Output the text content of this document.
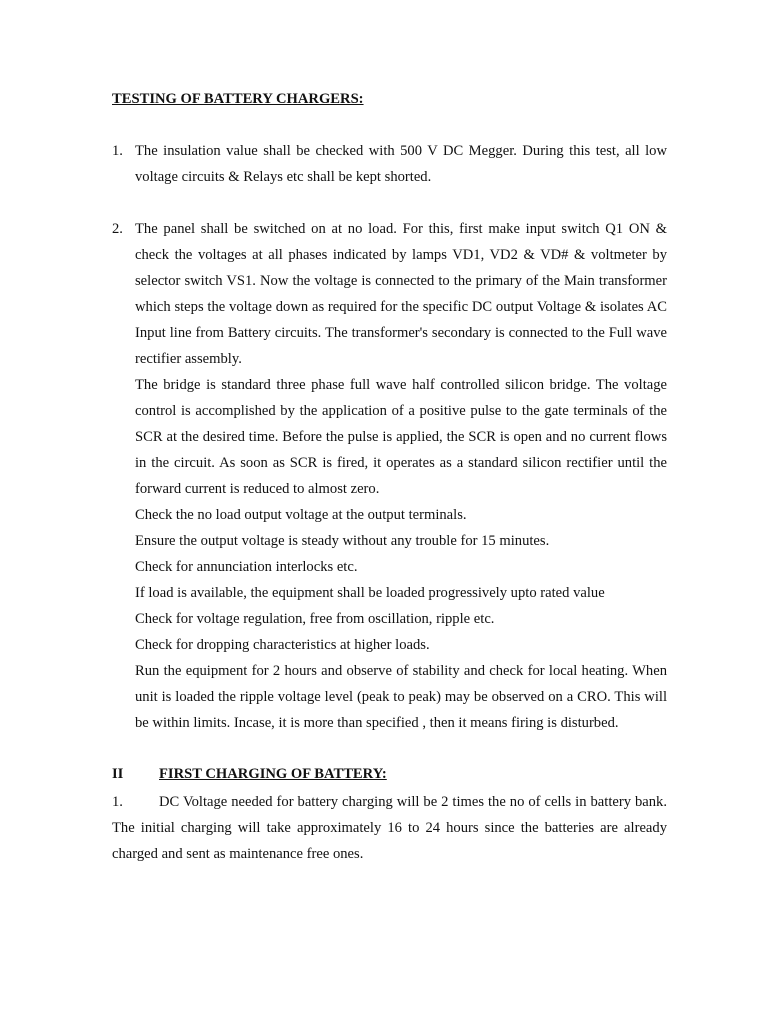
TESTING OF BATTERY CHARGERS:
1. The insulation value shall be checked with 500 V DC Megger. During this test, all low voltage circuits & Relays etc shall be kept shorted.

2. The panel shall be switched on at no load. For this, first make input switch Q1 ON & check the voltages at all phases indicated by lamps VD1, VD2 & VD# & voltmeter by selector switch VS1. Now the voltage is connected to the primary of the Main transformer which steps the voltage down as required for the specific DC output Voltage & isolates AC Input line from Battery circuits. The transformer's secondary is connected to the Full wave rectifier assembly.

The bridge is standard three phase full wave half controlled silicon bridge. The voltage control is accomplished by the application of a positive pulse to the gate terminals of the SCR at the desired time. Before the pulse is applied, the SCR is open and no current flows in the circuit. As soon as SCR is fired, it operates as a standard silicon rectifier until the forward current is reduced to almost zero.

Check the no load output voltage at the output terminals.

Ensure the output voltage is steady without any trouble for 15 minutes.

Check for annunciation interlocks etc.

If load is available, the equipment shall be loaded progressively upto rated value

Check for voltage regulation, free from oscillation, ripple etc.

Check for dropping characteristics at higher loads.

Run the equipment for 2 hours and observe of stability and check for local heating. When unit is loaded the ripple voltage level (peak to peak) may be observed on a CRO. This will be within limits. Incase, it is more than specified , then it means firing is disturbed.

II FIRST CHARGING OF BATTERY:

1. DC Voltage needed for battery charging will be 2 times the no of cells in battery bank. The initial charging will take approximately 16 to 24 hours since the batteries are already charged and sent as maintenance free ones.
